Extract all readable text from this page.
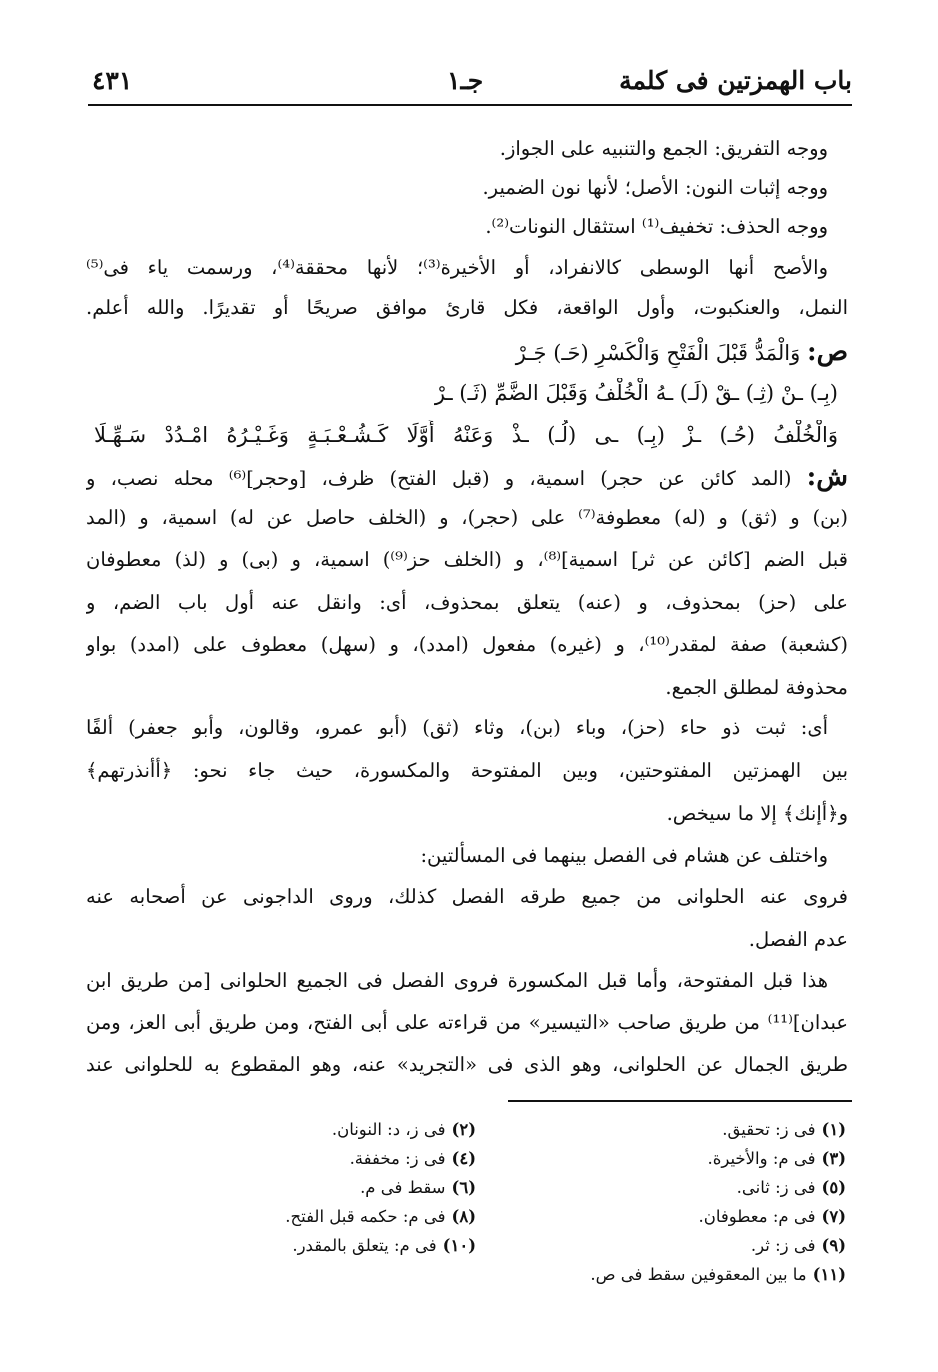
باب الهمزتين فى كلمة
جـ١
٤٣١
ووجه التفريق: الجمع والتنبيه على الجواز.
ووجه إثبات النون: الأصل؛ لأنها نون الضمير.
ووجه الحذف: تخفيف⁽¹⁾ استثقال النونات⁽²⁾.
والأصح أنها الوسطى كالانفراد، أو الأخيرة⁽³⁾؛ لأنها محققة⁽⁴⁾، ورسمت ياء فى⁽⁵⁾
النمل، والعنكبوت، وأول الواقعة، فكل قارئ موافق صريحًا أو تقديرًا. والله أعلم.
ص: وَالْمَدُّ قَبْلَ الْفَتْحِ وَالْكَسْرِ (حَـ) جَـرْ
(بِـ) ـنْ (ثِـ) ـقْ (لَـ) ـهُ الْخُلْفُ وَقَبْلَ الضَّمِّ (ثَـ) ـرْ
وَالْخُلْفُ (حُـ) ـزْ (بِـ) ـى (لُـ) ـذْ وَعَنْهُ أَوَّلَا كَـشُـعْـبَـةٍ وَغَـيْـرُهُ امْـدُدْ سَـهِّـلَا
ش: (المد كائن عن حجر) اسمية، و (قبل الفتح) ظرف، [وحجر]⁽⁶⁾ محله نصب، و
(بن) و (ثق) و (له) معطوفة⁽⁷⁾ على (حجر)، و (الخلف حاصل عن له) اسمية، و (المد
قبل الضم [كائن عن ثر] اسمية]⁽⁸⁾، و (الخلف حز⁽⁹⁾) اسمية، و (بى) و (لذ) معطوفان
على (حز) بمحذوف، و (عنه) يتعلق بمحذوف، أى: وانقل عنه أول باب الضم، و
(كشعبة) صفة لمقدر⁽¹⁰⁾، و (غيره) مفعول (امدد)، و (سهل) معطوف على (امدد) بواو
محذوفة لمطلق الجمع.
أى: ثبت ذو حاء (حز)، وباء (بن)، وثاء (ثق) (أبو عمرو، وقالون، وأبو جعفر) ألفًا
بين الهمزتين المفتوحتين، وبين المفتوحة والمكسورة، حيث جاء نحو: ﴿أأنذرتهم﴾
و﴿أإنك﴾ إلا ما سيخص.
واختلف عن هشام فى الفصل بينهما فى المسألتين:
فروى عنه الحلوانى من جميع طرقه الفصل كذلك، وروى الداجونى عن أصحابه عنه
عدم الفصل.
هذا قبل المفتوحة، وأما قبل المكسورة فروى الفصل فى الجميع الحلوانى [من طريق ابن
عبدان]⁽¹¹⁾ من طريق صاحب «التيسير» من قراءته على أبى الفتح، ومن طريق أبى العز، ومن
طريق الجمال عن الحلوانى، وهو الذى فى «التجريد» عنه، وهو المقطوع به للحلوانى عند
(١)فى ز: تحقيق.
(٢)فى ز، د: النونان.
(٣)فى م: والأخيرة.
(٤)فى ز: مخففة.
(٥)فى ز: ثانى.
(٦)سقط فى م.
(٧)فى م: معطوفان.
(٨)فى م: حكمه قبل الفتح.
(٩)فى ز: ثر.
(١٠)فى م: يتعلق بالمقدر.
(١١)ما بين المعقوفين سقط فى ص.
